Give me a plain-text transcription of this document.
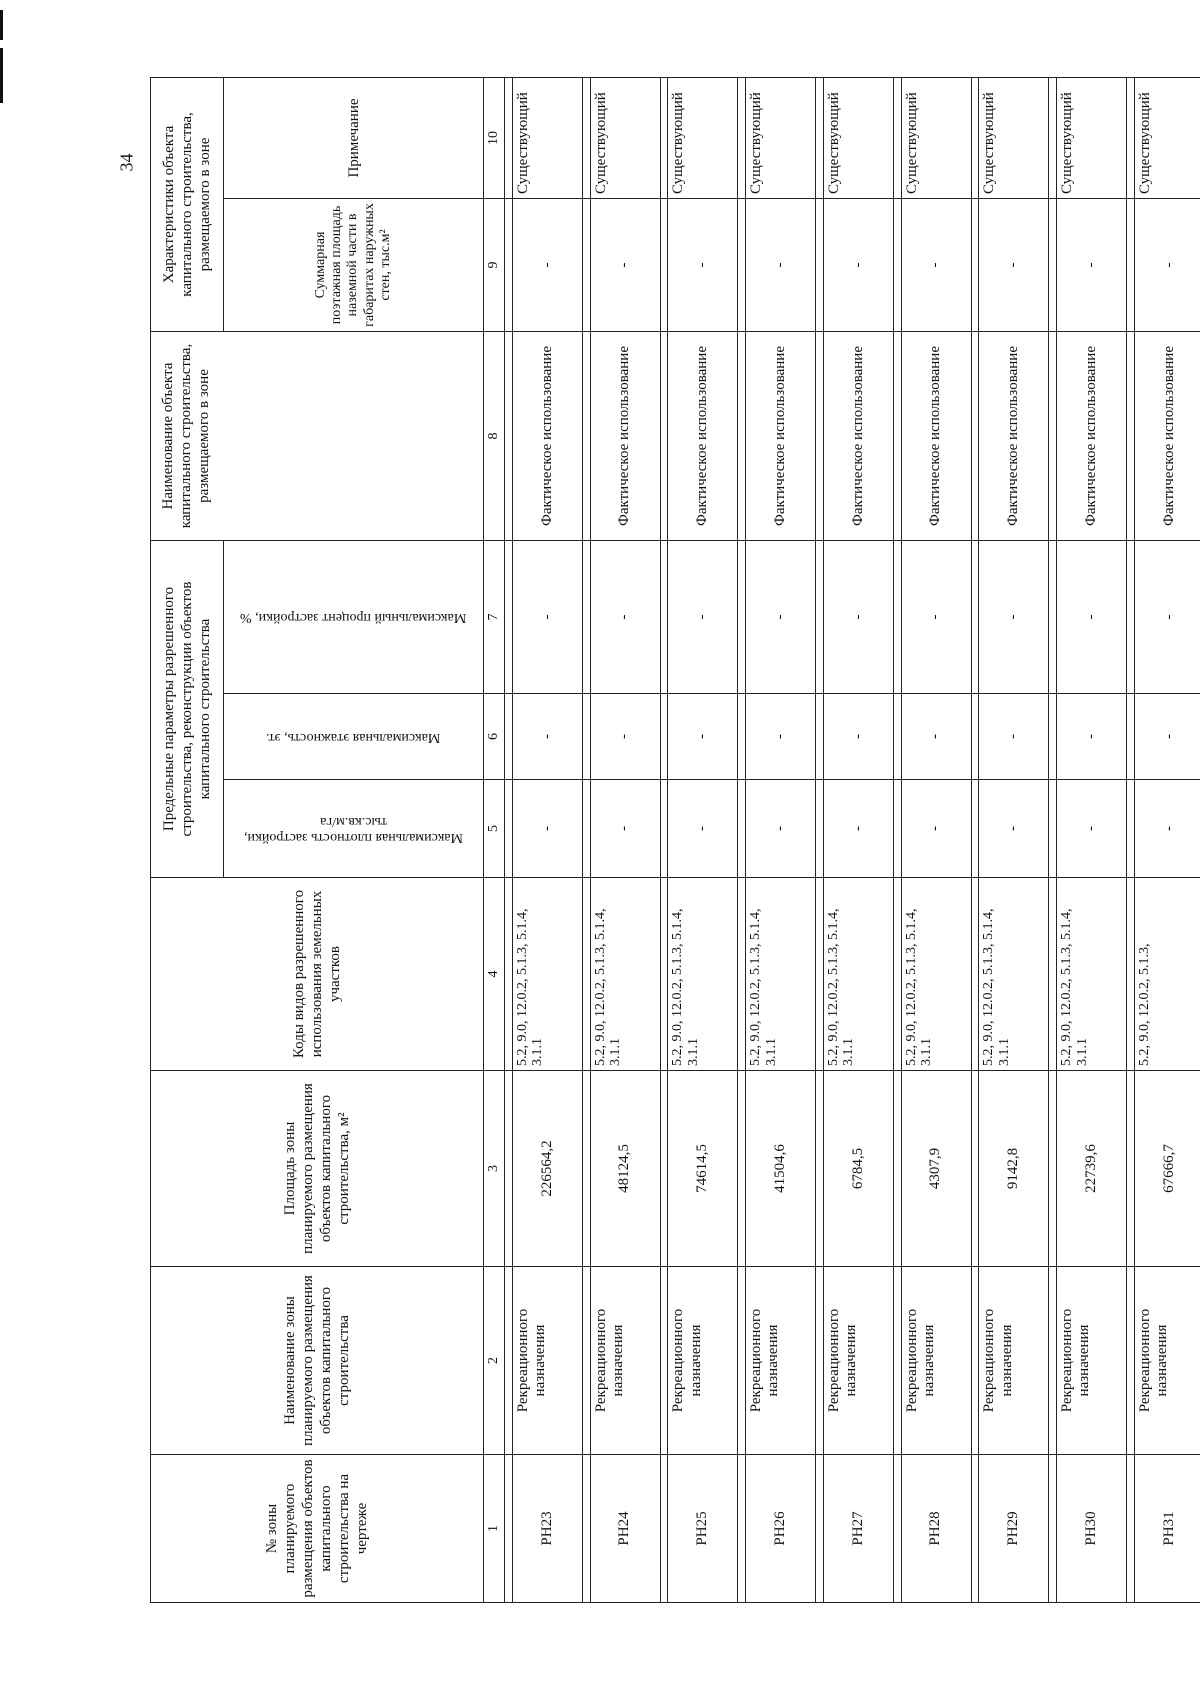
34
№ зоны планируемого размещения объектов капитального строительства на чертеже	Наименование зоны планируемого размещения объектов капитального строительства	Площадь зоны планируемого размещения объектов капитального строительства, м²	Коды видов разрешенного использования земельных участков	Предельные параметры разрешенного строительства, реконструкции объектов капитального строительства			Наименование объекта капитального строительства, размещаемого в зоне	Характеристики объекта капитального строительства, размещаемого в зоне	

				Максимальная плотность застройки, тыс.кв.м/га	Максимальная этажность, эт.	Максимальный процент застройки, %		Суммарная поэтажная площадь наземной части в габаритах наружных стен, тыс.м²	Примечание
1	2	3	4	5	6	7	8	9	10

РН23	Рекреационного назначения	226564,2	5.2, 9.0, 12.0.2, 5.1.3, 5.1.4, 3.1.1	-	-	-	Фактическое использование	-	Существующий

РН24	Рекреационного назначения	48124,5	5.2, 9.0, 12.0.2, 5.1.3, 5.1.4, 3.1.1	-	-	-	Фактическое использование	-	Существующий

РН25	Рекреационного назначения	74614,5	5.2, 9.0, 12.0.2, 5.1.3, 5.1.4, 3.1.1	-	-	-	Фактическое использование	-	Существующий

РН26	Рекреационного назначения	41504,6	5.2, 9.0, 12.0.2, 5.1.3, 5.1.4, 3.1.1	-	-	-	Фактическое использование	-	Существующий

РН27	Рекреационного назначения	6784,5	5.2, 9.0, 12.0.2, 5.1.3, 5.1.4, 3.1.1	-	-	-	Фактическое использование	-	Существующий

РН28	Рекреационного назначения	4307,9	5.2, 9.0, 12.0.2, 5.1.3, 5.1.4, 3.1.1	-	-	-	Фактическое использование	-	Существующий

РН29	Рекреационного назначения	9142,8	5.2, 9.0, 12.0.2, 5.1.3, 5.1.4, 3.1.1	-	-	-	Фактическое использование	-	Существующий

РН30	Рекреационного назначения	22739,6	5.2, 9.0, 12.0.2, 5.1.3, 5.1.4, 3.1.1	-	-	-	Фактическое использование	-	Существующий

РН31	Рекреационного назначения	67666,7	5.2, 9.0, 12.0.2, 5.1.3,	-	-	-	Фактическое использование	-	Существующий
